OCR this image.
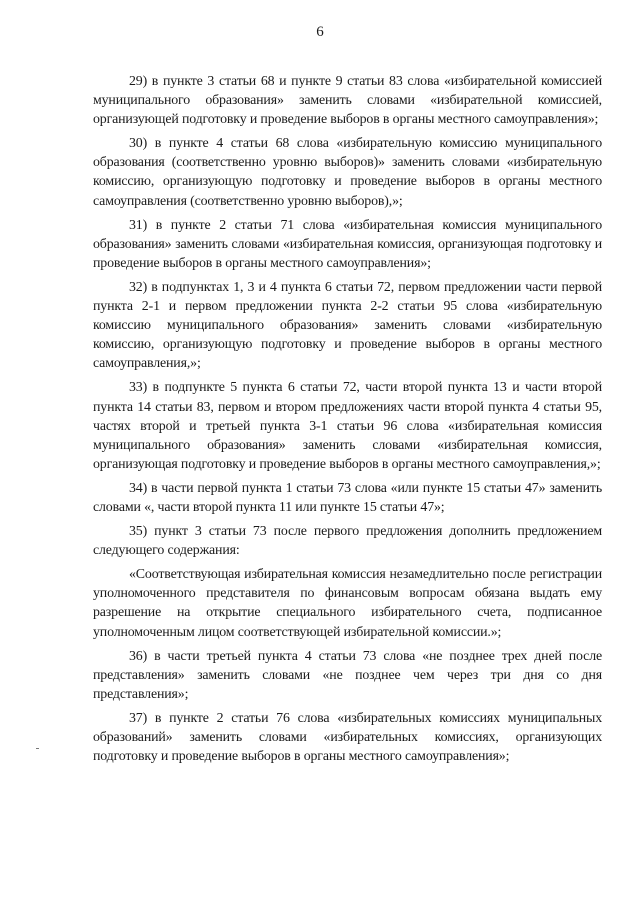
6

29) в пункте 3 статьи 68 и пункте 9 статьи 83 слова «избирательной комиссией муниципального образования» заменить словами «избирательной комиссией, организующей подготовку и проведение выборов в органы местного самоуправления»;

30) в пункте 4 статьи 68 слова «избирательную комиссию муниципального образования (соответственно уровню выборов)» заменить словами «избирательную комиссию, организующую подготовку и проведение выборов в органы местного самоуправления (соответственно уровню выборов),»;

31) в пункте 2 статьи 71 слова «избирательная комиссия муниципального образования» заменить словами «избирательная комиссия, организующая подготовку и проведение выборов в органы местного самоуправления»;

32) в подпунктах 1, 3 и 4 пункта 6 статьи 72, первом предложении части первой пункта 2-1 и первом предложении пункта 2-2 статьи 95 слова «избирательную комиссию муниципального образования» заменить словами «избирательную комиссию, организующую подготовку и проведение выборов в органы местного самоуправления,»;

33) в подпункте 5 пункта 6 статьи 72, части второй пункта 13 и части второй пункта 14 статьи 83, первом и втором предложениях части второй пункта 4 статьи 95, частях второй и третьей пункта 3-1 статьи 96 слова «избирательная комиссия муниципального образования» заменить словами «избирательная комиссия, организующая подготовку и проведение выборов в органы местного самоуправления,»;

34) в части первой пункта 1 статьи 73 слова «или пункте 15 статьи 47» заменить словами «, части второй пункта 11 или пункте 15 статьи 47»;

35) пункт 3 статьи 73 после первого предложения дополнить предложением следующего содержания:

«Соответствующая избирательная комиссия незамедлительно после регистрации уполномоченного представителя по финансовым вопросам обязана выдать ему разрешение на открытие специального избирательного счета, подписанное уполномоченным лицом соответствующей избирательной комиссии.»;

36) в части третьей пункта 4 статьи 73 слова «не позднее трех дней после представления» заменить словами «не позднее чем через три дня со дня представления»;

37) в пункте 2 статьи 76 слова «избирательных комиссиях муниципальных образований» заменить словами «избирательных комиссиях, организующих подготовку и проведение выборов в органы местного самоуправления»;
